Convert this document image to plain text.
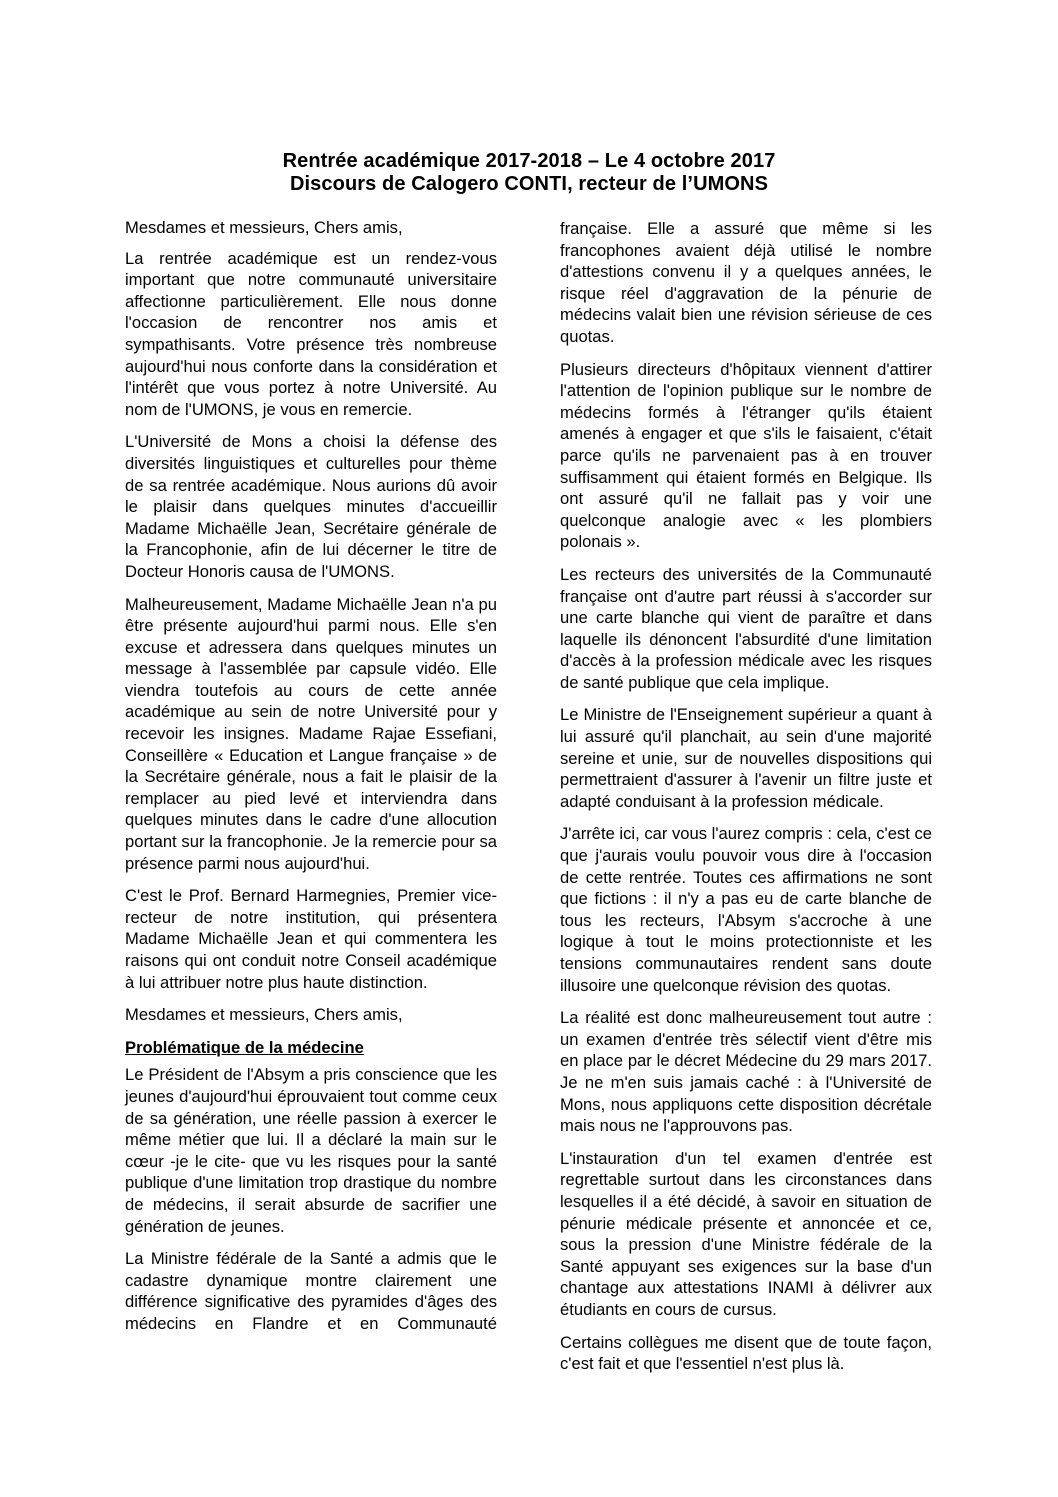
Rentrée académique 2017-2018 – Le 4 octobre 2017
Discours de Calogero CONTI, recteur de l’UMONS

Mesdames et messieurs, Chers amis,

La rentrée académique est un rendez-vous important que notre communauté universitaire affectionne particulièrement. Elle nous donne l'occasion de rencontrer nos amis et sympathisants. Votre présence très nombreuse aujourd'hui nous conforte dans la considération et l'intérêt que vous portez à notre Université. Au nom de l'UMONS, je vous en remercie.

L'Université de Mons a choisi la défense des diversités linguistiques et culturelles pour thème de sa rentrée académique. Nous aurions dû avoir le plaisir dans quelques minutes d'accueillir Madame Michaëlle Jean, Secrétaire générale de la Francophonie, afin de lui décerner le titre de Docteur Honoris causa de l'UMONS.

Malheureusement, Madame Michaëlle Jean n'a pu être présente aujourd'hui parmi nous. Elle s'en excuse et adressera dans quelques minutes un message à l'assemblée par capsule vidéo. Elle viendra toutefois au cours de cette année académique au sein de notre Université pour y recevoir les insignes. Madame Rajae Essefiani, Conseillère « Education et Langue française » de la Secrétaire générale, nous a fait le plaisir de la remplacer au pied levé et interviendra dans quelques minutes dans le cadre d'une allocution portant sur la francophonie. Je la remercie pour sa présence parmi nous aujourd'hui.

C'est le Prof. Bernard Harmegnies, Premier vice-recteur de notre institution, qui présentera Madame Michaëlle Jean et qui commentera les raisons qui ont conduit notre Conseil académique à lui attribuer notre plus haute distinction.

Mesdames et messieurs, Chers amis,

Problématique de la médecine

Le Président de l'Absym a pris conscience que les jeunes d'aujourd'hui éprouvaient tout comme ceux de sa génération, une réelle passion à exercer le même métier que lui. Il a déclaré la main sur le cœur -je le cite- que vu les risques pour la santé publique d'une limitation trop drastique du nombre de médecins, il serait absurde de sacrifier une génération de jeunes.

La Ministre fédérale de la Santé a admis que le cadastre dynamique montre clairement une différence significative des pyramides d'âges des médecins en Flandre et en Communauté

française. Elle a assuré que même si les francophones avaient déjà utilisé le nombre d'attestions convenu il y a quelques années, le risque réel d'aggravation de la pénurie de médecins valait bien une révision sérieuse de ces quotas.

Plusieurs directeurs d'hôpitaux viennent d'attirer l'attention de l'opinion publique sur le nombre de médecins formés à l'étranger qu'ils étaient amenés à engager et que s'ils le faisaient, c'était parce qu'ils ne parvenaient pas à en trouver suffisamment qui étaient formés en Belgique. Ils ont assuré qu'il ne fallait pas y voir une quelconque analogie avec « les plombiers polonais ».

Les recteurs des universités de la Communauté française ont d'autre part réussi à s'accorder sur une carte blanche qui vient de paraître et dans laquelle ils dénoncent l'absurdité d'une limitation d'accès à la profession médicale avec les risques de santé publique que cela implique.

Le Ministre de l'Enseignement supérieur a quant à lui assuré qu'il planchait, au sein d'une majorité sereine et unie, sur de nouvelles dispositions qui permettraient d'assurer à l'avenir un filtre juste et adapté conduisant à la profession médicale.

J'arrête ici, car vous l'aurez compris : cela, c'est ce que j'aurais voulu pouvoir vous dire à l'occasion de cette rentrée. Toutes ces affirmations ne sont que fictions : il n'y a pas eu de carte blanche de tous les recteurs, l'Absym s'accroche à une logique à tout le moins protectionniste et les tensions communautaires rendent sans doute illusoire une quelconque révision des quotas.

La réalité est donc malheureusement tout autre : un examen d'entrée très sélectif vient d'être mis en place par le décret Médecine du 29 mars 2017. Je ne m'en suis jamais caché : à l'Université de Mons, nous appliquons cette disposition décrétale mais nous ne l'approuvons pas.

L'instauration d'un tel examen d'entrée est regrettable surtout dans les circonstances dans lesquelles il a été décidé, à savoir en situation de pénurie médicale présente et annoncée et ce, sous la pression d'une Ministre fédérale de la Santé appuyant ses exigences sur la base d'un chantage aux attestations INAMI à délivrer aux étudiants en cours de cursus.

Certains collègues me disent que de toute façon, c'est fait et que l'essentiel n'est plus là.
